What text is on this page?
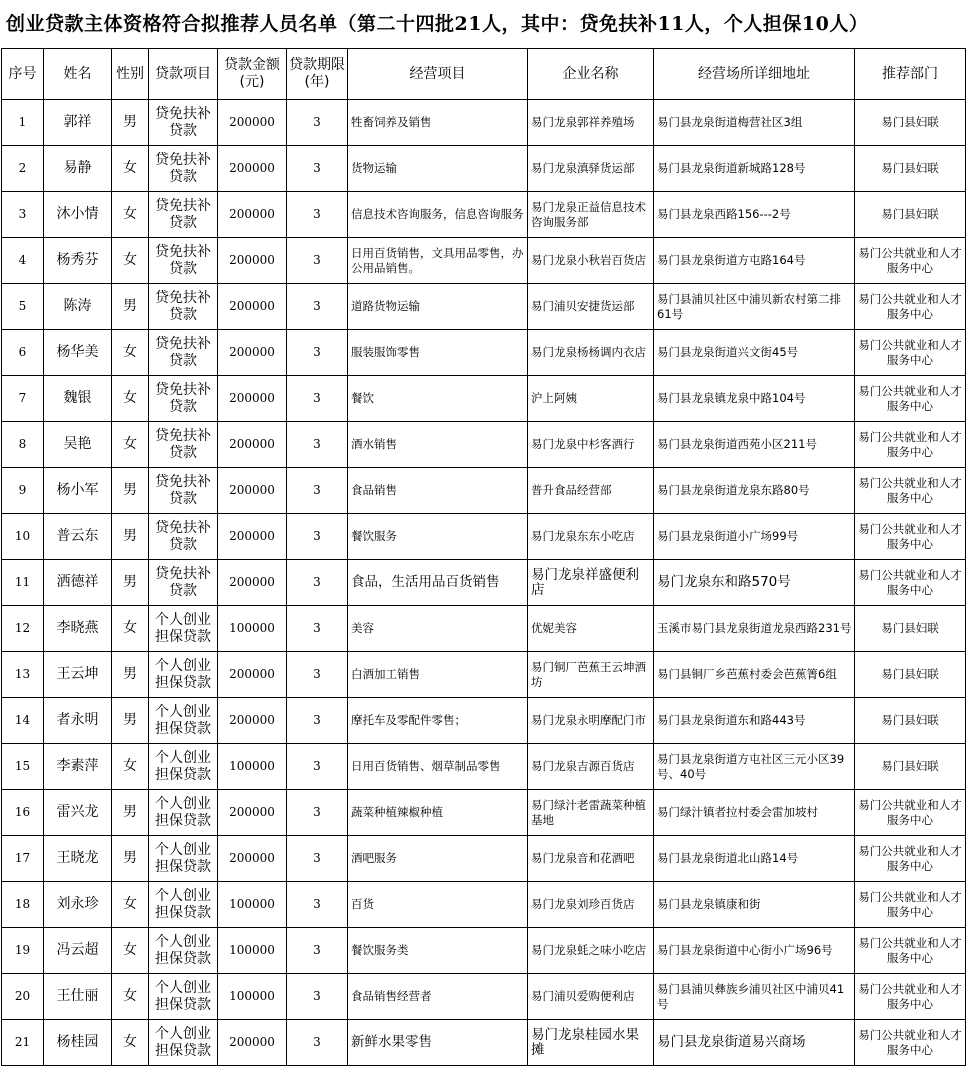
创业贷款主体资格符合拟推荐人员名单（第二十四批21人，其中：贷免扶补11人，个人担保10人）
序号	姓名	性别	贷款项目	贷款金额(元)	贷款期限(年)	经营项目	企业名称	经营场所详细地址	推荐部门
1	郭祥	男	贷免扶补贷款	200000	3	牲畜饲养及销售	易门龙泉郭祥养殖场	易门县龙泉街道梅营社区3组	易门县妇联
2	易静	女	贷免扶补贷款	200000	3	货物运输	易门龙泉滇驿货运部	易门县龙泉街道新城路128号	易门县妇联
3	沐小情	女	贷免扶补贷款	200000	3	信息技术咨询服务，信息咨询服务	易门龙泉正益信息技术咨询服务部	易门县龙泉西路156---2号	易门县妇联
4	杨秀芬	女	贷免扶补贷款	200000	3	日用百货销售，文具用品零售，办公用品销售。	易门龙泉小秋岩百货店	易门县龙泉街道方屯路164号	易门公共就业和人才服务中心
5	陈涛	男	贷免扶补贷款	200000	3	道路货物运输	易门浦贝安捷货运部	易门县浦贝社区中浦贝新农村第二排61号	易门公共就业和人才服务中心
6	杨华美	女	贷免扶补贷款	200000	3	服装服饰零售	易门龙泉杨杨调内衣店	易门县龙泉街道兴文街45号	易门公共就业和人才服务中心
7	魏银	女	贷免扶补贷款	200000	3	餐饮	沪上阿姨	易门县龙泉镇龙泉中路104号	易门公共就业和人才服务中心
8	吴艳	女	贷免扶补贷款	200000	3	酒水销售	易门龙泉中杉客酒行	易门县龙泉街道西苑小区211号	易门公共就业和人才服务中心
9	杨小军	男	贷免扶补贷款	200000	3	食品销售	普升食品经营部	易门县龙泉街道龙泉东路80号	易门公共就业和人才服务中心
10	普云东	男	贷免扶补贷款	200000	3	餐饮服务	易门龙泉东东小吃店	易门县龙泉街道小广场99号	易门公共就业和人才服务中心
11	洒德祥	男	贷免扶补贷款	200000	3	食品，生活用品百货销售	易门龙泉祥盛便利店	易门龙泉东和路570号	易门公共就业和人才服务中心
12	李晓燕	女	个人创业担保贷款	100000	3	美容	优妮美容	玉溪市易门县龙泉街道龙泉西路231号	易门县妇联
13	王云坤	男	个人创业担保贷款	200000	3	白酒加工销售	易门铜厂芭蕉王云坤酒坊	易门县铜厂乡芭蕉村委会芭蕉箐6组	易门县妇联
14	者永明	男	个人创业担保贷款	200000	3	摩托车及零配件零售；	易门龙泉永明摩配门市	易门县龙泉街道东和路443号	易门县妇联
15	李素萍	女	个人创业担保贷款	100000	3	日用百货销售、烟草制品零售	易门龙泉吉源百货店	易门县龙泉街道方屯社区三元小区39号、40号	易门县妇联
16	雷兴龙	男	个人创业担保贷款	200000	3	蔬菜种植辣椒种植	易门绿汁老雷蔬菜种植基地	易门绿汁镇者拉村委会雷加坡村	易门公共就业和人才服务中心
17	王晓龙	男	个人创业担保贷款	200000	3	酒吧服务	易门龙泉音和花酒吧	易门县龙泉街道北山路14号	易门公共就业和人才服务中心
18	刘永珍	女	个人创业担保贷款	100000	3	百货	易门龙泉刘珍百货店	易门县龙泉镇康和街	易门公共就业和人才服务中心
19	冯云超	女	个人创业担保贷款	100000	3	餐饮服务类	易门龙泉蚝之味小吃店	易门县龙泉街道中心街小广场96号	易门公共就业和人才服务中心
20	王仕丽	女	个人创业担保贷款	100000	3	食品销售经营者	易门浦贝爱购便利店	易门县浦贝彝族乡浦贝社区中浦贝41号	易门公共就业和人才服务中心
21	杨桂园	女	个人创业担保贷款	200000	3	新鲜水果零售	易门龙泉桂园水果摊	易门县龙泉街道易兴商场	易门公共就业和人才服务中心
